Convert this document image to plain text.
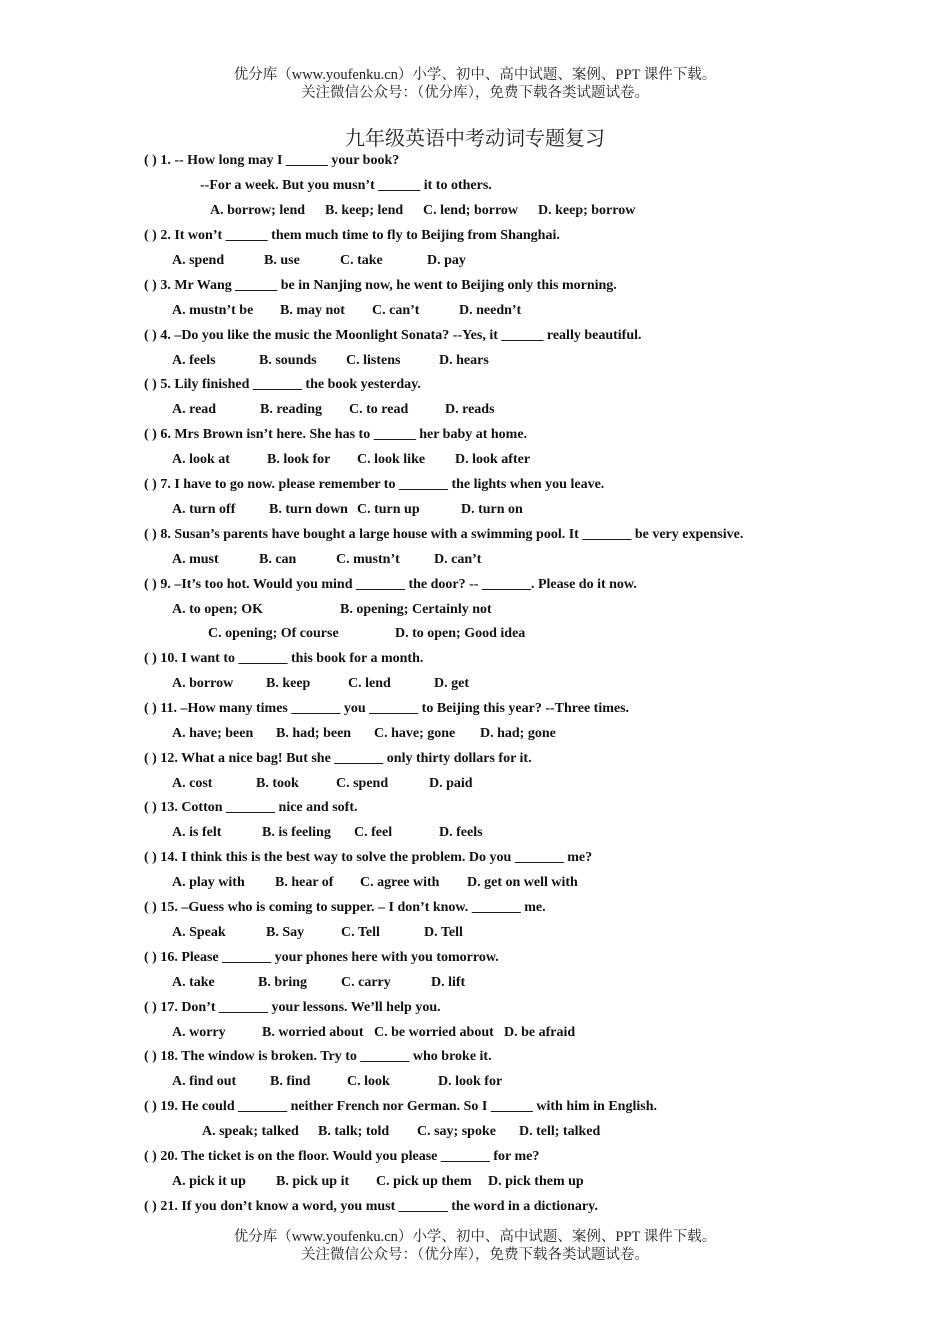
优分库（www.youfenku.cn）小学、初中、高中试题、案例、PPT 课件下载。
关注微信公众号：（优分库），免费下载各类试题试卷。
九年级英语中考动词专题复习
( ) 1. -- How long may I ______ your book?
--For a week. But you musn’t ______ it to others.
A. borrow; lend B. keep; lend C. lend; borrow D. keep; borrow
( ) 2. It won’t ______ them much time to fly to Beijing from Shanghai.
A. spend	B. use	C. take	D. pay
( ) 3. Mr Wang ______ be in Nanjing now, he went to Beijing only this morning.
A. mustn’t be B. may not C. can’t	D. needn’t
( ) 4. –Do you like the music the Moonlight Sonata? --Yes, it ______ really beautiful.
A. feels	B. sounds C. listens	D. hears
( ) 5. Lily finished _______ the book yesterday.
A. read	B. reading C. to read	D. reads
( ) 6. Mrs Brown isn’t here. She has to ______ her baby at home.
A. look at	B. look for C. look like D. look after
( ) 7. I have to go now. please remember to _______ the lights when you leave.
A. turn off B. turn down C. turn up	D. turn on
( ) 8. Susan’s parents have bought a large house with a swimming pool. It _______ be very expensive.
A. must	B. can	C. mustn’t D. can’t
( ) 9. –It’s too hot. Would you mind _______ the door? -- _______. Please do it now.
A. to open; OK	B. opening; Certainly not
C. opening; Of course	D. to open; Good idea
( ) 10. I want to _______ this book for a month.
A. borrow B. keep	C. lend	D. get
( ) 11. –How many times _______ you _______ to Beijing this year? --Three times.
A. have; been B. had; been C. have; gone D. had; gone
( ) 12. What a nice bag! But she _______ only thirty dollars for it.
A. cost	B. took	C. spend	D. paid
( ) 13. Cotton _______ nice and soft.
A. is felt	B. is feeling C. feel	D. feels
( ) 14. I think this is the best way to solve the problem. Do you _______ me?
A. play with B. hear of C. agree with D. get on well with
( ) 15. –Guess who is coming to supper. – I don’t know. _______ me.
A. Speak	B. Say	C. Tell	D. Tell
( ) 16. Please _______ your phones here with you tomorrow.
A. take	B. bring C. carry	D. lift
( ) 17. Don’t _______ your lessons. We’ll help you.
A. worry	B. worried about C. be worried about D. be afraid
( ) 18. The window is broken. Try to _______ who broke it.
A. find out B. find	C. look	D. look for
( ) 19. He could _______ neither French nor German. So I ______ with him in English.
A. speak; talked B. talk; told C. say; spoke D. tell; talked
( ) 20. The ticket is on the floor. Would you please _______ for me?
A. pick it up B. pick up it C. pick up them D. pick them up
( ) 21. If you don’t know a word, you must _______ the word in a dictionary.
优分库（www.youfenku.cn）小学、初中、高中试题、案例、PPT 课件下载。
关注微信公众号：（优分库），免费下载各类试题试卷。
